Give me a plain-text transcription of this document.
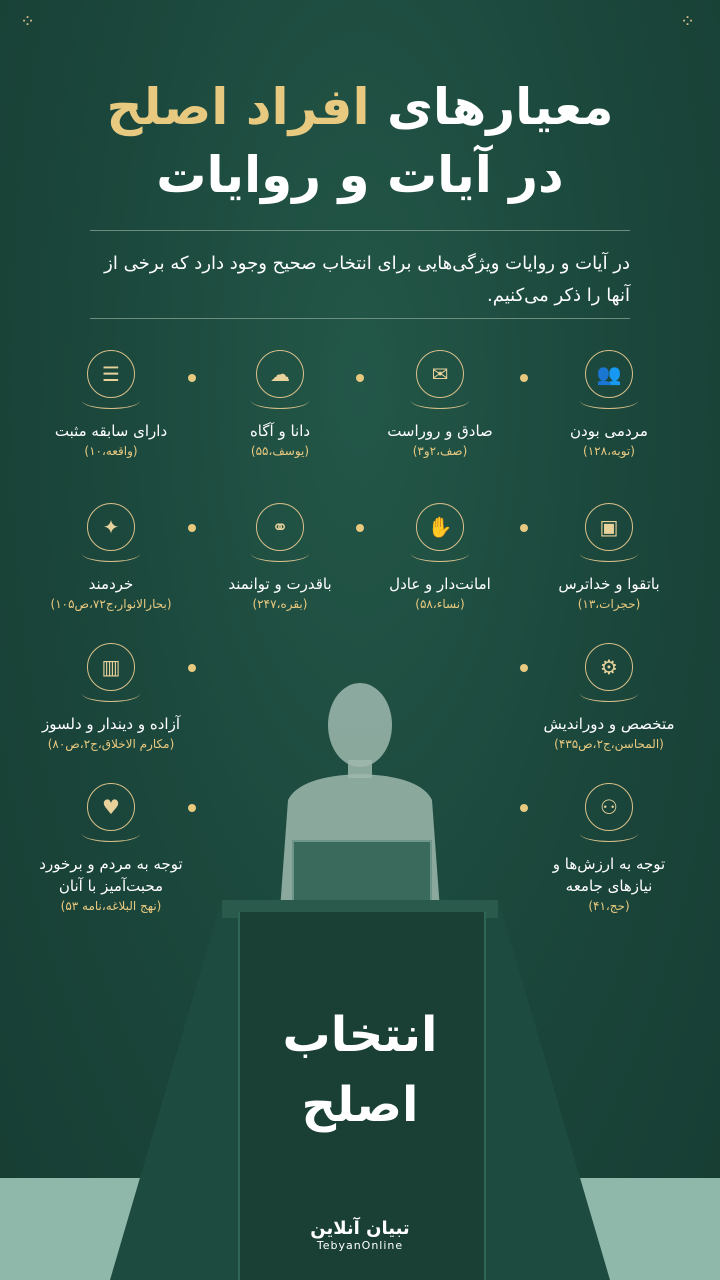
⁘	⁘
معیارهای افراد اصلح
در آیات و روایات
در آیات و روایات ویژگی‌هایی برای انتخاب صحیح وجود دارد که برخی از آنها را ذکر می‌کنیم.
👥
مردمی بودن
(توبه،۱۲۸)
✉
صادق و روراست
(صف،۲و۳)
☁
دانا و آگاه
(یوسف،۵۵)
☰
دارای سابقه مثبت
(واقعه،۱۰)
▣
باتقوا و خداترس
(حجرات،۱۳)
✋
امانت‌دار و عادل
(نساء،۵۸)
⚭
باقدرت و توانمند
(بقره،۲۴۷)
✦
خردمند
(بحارالانوار،ج۷۲،ص۱۰۵)
⚙
متخصص و دوراندیش
(المحاسن،ج۲،ص۴۳۵)
▥
آزاده و دیندار و دلسوز
(مکارم الاخلاق،ج۲،ص۸۰)
⚇
توجه به ارزش‌ها و نیازهای جامعه
(حج،۴۱)
♥
توجه به مردم و برخورد محبت‌آمیز با آنان
(نهج البلاغه،نامه ۵۳)
انتخاب
اصلح
تبیان آنلاین
TebyanOnline
